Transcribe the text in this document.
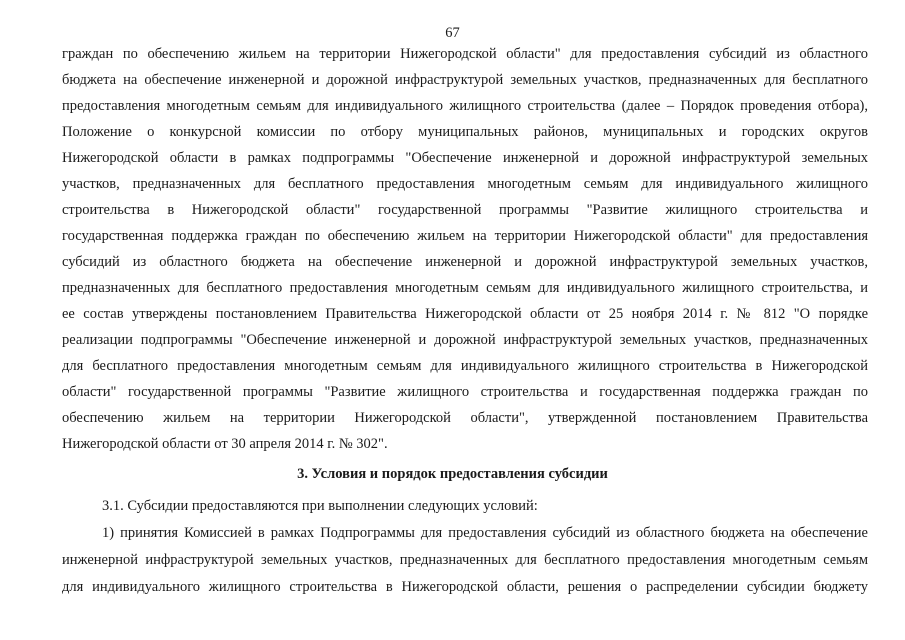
67
граждан по обеспечению жильем на территории Нижегородской области" для предоставления субсидий из областного
бюджета на обеспечение инженерной и дорожной инфраструктурой земельных участков, предназначенных для бесплатного
предоставления многодетным семьям для индивидуального жилищного строительства (далее – Порядок проведения отбора),
Положение о конкурсной комиссии по отбору муниципальных районов, муниципальных и городских округов
Нижегородской области в рамках подпрограммы "Обеспечение инженерной и дорожной инфраструктурой земельных
участков, предназначенных для бесплатного предоставления многодетным семьям для индивидуального жилищного
строительства в Нижегородской области" государственной программы "Развитие жилищного строительства и
государственная поддержка граждан по обеспечению жильем на территории Нижегородской области" для предоставления
субсидий из областного бюджета на обеспечение инженерной и дорожной инфраструктурой земельных участков,
предназначенных для бесплатного предоставления многодетным семьям для индивидуального жилищного строительства, и
ее состав утверждены постановлением Правительства Нижегородской области от 25 ноября 2014 г. № 812 "О порядке
реализации подпрограммы "Обеспечение инженерной и дорожной инфраструктурой земельных участков, предназначенных
для бесплатного предоставления многодетным семьям для индивидуального жилищного строительства в Нижегородской
области" государственной программы "Развитие жилищного строительства и государственная поддержка граждан по
обеспечению жильем на территории Нижегородской области", утвержденной постановлением Правительства
Нижегородской области от 30 апреля 2014 г. № 302".
3. Условия и порядок предоставления субсидии
3.1. Субсидии предоставляются при выполнении следующих условий:
1) принятия Комиссией в рамках Подпрограммы для предоставления субсидий из областного бюджета на обеспечение
инженерной инфраструктурой земельных участков, предназначенных для бесплатного предоставления многодетным семьям
для индивидуального жилищного строительства в Нижегородской области, решения о распределении субсидии бюджету
